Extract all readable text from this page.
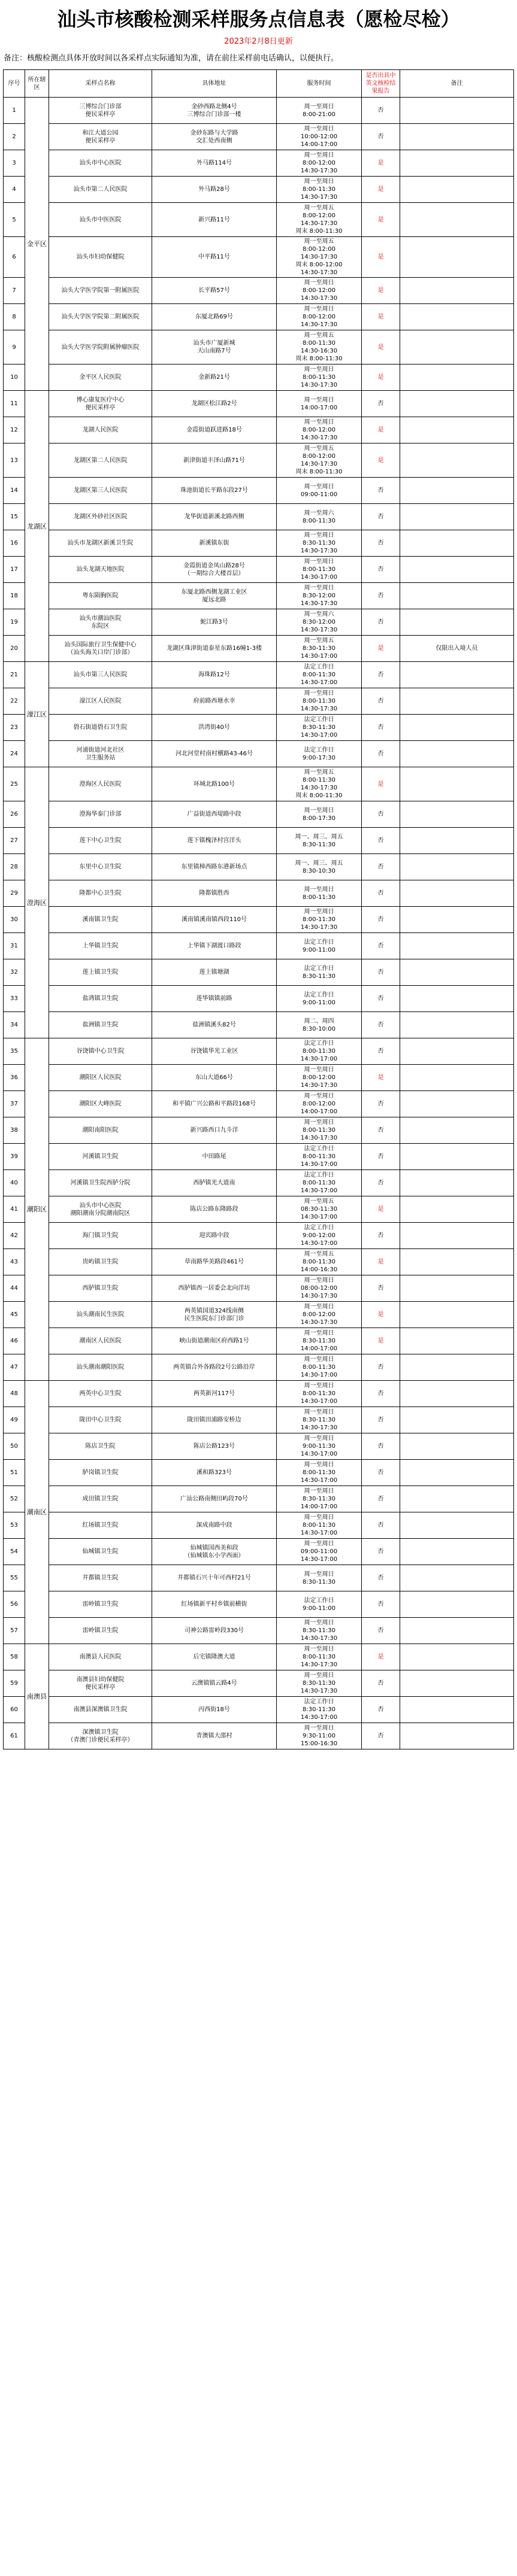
汕头市核酸检测采样服务点信息表（愿检尽检）
2023年2月8日更新
备注：核酸检测点具体开放时间以各采样点实际通知为准，请在前往采样前电话确认，以便执行。
序号	所在辖区	采样点名称	具体地址	服务时间	是否出具中英文核检结果报告	备注
1	金平区	三博综合门诊部
便民采样亭	金砂西路北侧4号
三博综合门诊部一楼	周一至周日
8:00-21:00	否	
2		和江大道公园
便民采样亭	金砂东路与大学路
交汇处西南侧	周一至周日
10:00-12:00
14:00-17:00	否	
3		汕头市中心医院	外马路114号	周一至周日
8:00-12:00
14:30-17:30	是	
4		汕头市第二人民医院	外马路28号	周一至周日
8:00-11:30
14:30-17:30	是	
5		汕头市中医医院	新兴路11号	周一至周五
8:00-12:00
14:30-17:30
周末 8:00-11:30	是	
6		汕头市妇幼保健院	中平路11号	周一至周五
8:00-12:00
14:30-17:30
周末 8:00-12:00
14:30-17:30	是	
7		汕头大学医学院第一附属医院	长平路57号	周一至周日
8:00-12:00
14:30-17:30	是	
8		汕头大学医学院第二附属医院	东厦北路69号	周一至周日
8:00-12:00
14:30-17:30	是	
9		汕头大学医学院附属肿瘤医院	汕头市广厦新城
天山南路7号	周一至周五
8:00-11:30
14:30-16:30
周末 8:00-11:30	是	
10		金平区人民医院	金新路21号	周一至周日
8:00-11:30
14:30-17:30	是	
11	龙湖区	博心康复医疗中心
便民采样亭	龙湖区松江路2号	周一至周日
14:00-17:00	否	
12		龙湖人民医院	金霞街道跃进路18号	周一至周日
8:00-12:00
14:30-17:30	是	
13		龙湖区第二人民医院	新津街道丰泽山路71号	周一至周五
8:00-12:00
14:30-17:30
周末 8:00-11:30	是	
14		龙湖区第三人民医院	珠池街道长平路东段27号	周一至周日
09:00-11:00	否	
15		龙湖区外砂社区医院	龙华街道新溪北路西侧	周一至周六
8:00-11:30	否	
16		汕头市龙湖区新溪卫生院	新溪镇东街	周一至周日
8:30-11:30
14:30-17:30	否	
17		汕头龙湖天地医院	金霞街道金凤山路28号
（一期综合大楼首层）	周一至周日
8:00-11:30
14:30-17:00	否	
18		粤东陨胸医院	东厦北路西侧龙湖工业区
厦远北路	周一至周日
8:30-12:00
14:30-17:30	否	
19		汕头市潮汕医院
东院区	鮀江路3号	周一至周六
8:30-12:00
14:30-17:30	否	
20		汕头国际旅行卫生保健中心
（汕头海关口岸门诊部）	龙湖区珠津街道泰星东路16幢1-3楼	周一至周五
8:30-11:30
14:30-17:00	是	仅限出入境人员
21	濠江区	汕头市第三人民医院	海珠路12号	法定工作日
8:00-11:30
14:30-17:00	否	
22		濠江区人民医院	府前路西塘水幸	周一至周日
8:00-11:30
14:30-17:30	否	
23		礐石街道礐石卫生院	洪湾街40号	法定工作日
8:30-11:30
14:30-17:00	否	
24		河浦街道河北社区
卫生服务站	河北河堂村南村横路43-46号	法定工作日
9:00-17:30	否	
25	澄海区	澄海区人民医院	环城北路100号	周一至周五
8:00-11:30
14:30-17:30
周末 8:00-11:30	是	
26		澄海华泰门诊部	广益街道西堤路中段	周一至周日
8:00-17:30	否	
27		莲下中心卫生院	莲下镇槐泽村宫洋头	周一、周三、周五
8:30-11:30	否	
28		东里中心卫生院	东里镇樟西路东港新场点	周一、周三、周五
8:30-10:30	否	
29		隆都中心卫生院	隆都镇胜西	周一至周日
8:00-11:30	否	
30		溪南镇卫生院	溪南镇溪南镇西段110号	周一至周日
8:00-11:30
14:30-17:30	否	
31		上华镇卫生院	上华镇下湖渡口路段	法定工作日
9:00-11:00	否	
32		莲上镇卫生院	莲上镇塘湖	法定工作日
8:30-11:30	否	
33		盐鸿镇卫生院	莲华镇镇前路	法定工作日
9:00-11:00	否	
34		盐洲镇卫生院	盐洲镇溪头82号	周二、周四
8:30-10:00	否	
35	潮阳区	谷饶镇中心卫生院	谷饶镇华光工业区	法定工作日
8:00-11:30
14:30-17:00	否	
36		潮阳区人民医院	东山大道66号	周一至周日
8:00-12:00
14:30-17:30	是	
37		潮阳区大峰医院	和平镇广兴公路和平路段168号	周一至周日
8:00-12:00
14:00-17:00	否	
38		潮阳南阳医院	新兴路西口九斗洋	周一至周日
8:00-11:30
14:30-17:30	否	
39		河溪镇卫生院	中田路尾	法定工作日
8:00-11:30
14:30-17:00	否	
40		河溪镇卫生院西胪分院	西胪镇光大道南	法定工作日
8:00-11:30
14:30-17:00	否	
41		汕头市中心医院
潮阳潮南分院潮南院区	陈店公路东隆路段	周一至周五
08:30-11:30
14:30-17:00	是	
42		海门镇卫生院	迎宾路中段	法定工作日
9:00-12:00
14:30-17:00	否	
43		贵屿镇卫生院	草南路华美路段461号	周一至周五
8:00-11:30
14:00-16:30	是	
44		西胪镇卫生院	西胪镇西一居委会北向洋坊	周一至周日
08:00-12:00
14:30-17:30	否	
45		汕头潮南民生医院	两英镇国道324线南侧
民生医院东门诊部门诊	周一至周日
8:00-12:00
14:30-17:30	是	
46		潮南区人民医院	峡山街道潮南区府西路1号	周一至周日
8:30-11:30
14:00-17:00	是	
47		汕头潮南潮阳医院	两英镇合外各路段2号公路沿岸	周一至周日
8:00-11:30
14:30-17:00	否	
48	潮南区	两英中心卫生院	两英新河117号	周一至周日
8:00-11:30
14:30-17:00	否	
49		陇田中心卫生院	陇田镇田浦路安桥边	周一至周日
8:30-11:30
14:30-17:30	否	
50		陈店卫生院	陈店公路123号	周一至周日
9:00-11:30
14:30-17:00	否	
51		胪岗镇卫生院	溪和路323号	周一至周日
8:00-11:30
14:30-17:00	否	
52		成田镇卫生院	广汕公路南侧田屿段70号	周一至周日
8:30-11:30
14:00-17:00	否	
53		红场镇卫生院	深成南路中段	周一至周日
8:00-11:30
14:30-17:00	否	
54		仙城镇卫生院	仙城镇国西美和段
（仙城镇东小学西面）	周一至周日
09:00-11:00
14:30-17:00	否	
55		井都镇卫生院	井都镇石兴十年可西村21号	周一至周日
8:30-11:30	否	
56		雷岭镇卫生院	红场镇新平村乡镇前横街	法定工作日
9:00-11:00	否	
57		雷岭镇卫生院	司神公路雷岭段330号	周一至周日
8:30-11:30
14:30-17:30	否	
58	南澳县	南澳县人民医院	后宅镇隆澳大道	周一至周日
8:00-11:30
14:30-17:30	是	
59		南澳县妇幼保健院
便民采样亭	云澳镇镇云路4号	周一至周日
8:30-11:30
14:30-17:30	否	
60		南澳县深澳镇卫生院	丙西街18号	法定工作日
8:30-11:30
14:30-17:00	否	
61		深澳镇卫生院
（青澳门诊便民采样亭）	青澳镇大邵村	周一至周日
9:30-11:00
15:00-16:30	否	
